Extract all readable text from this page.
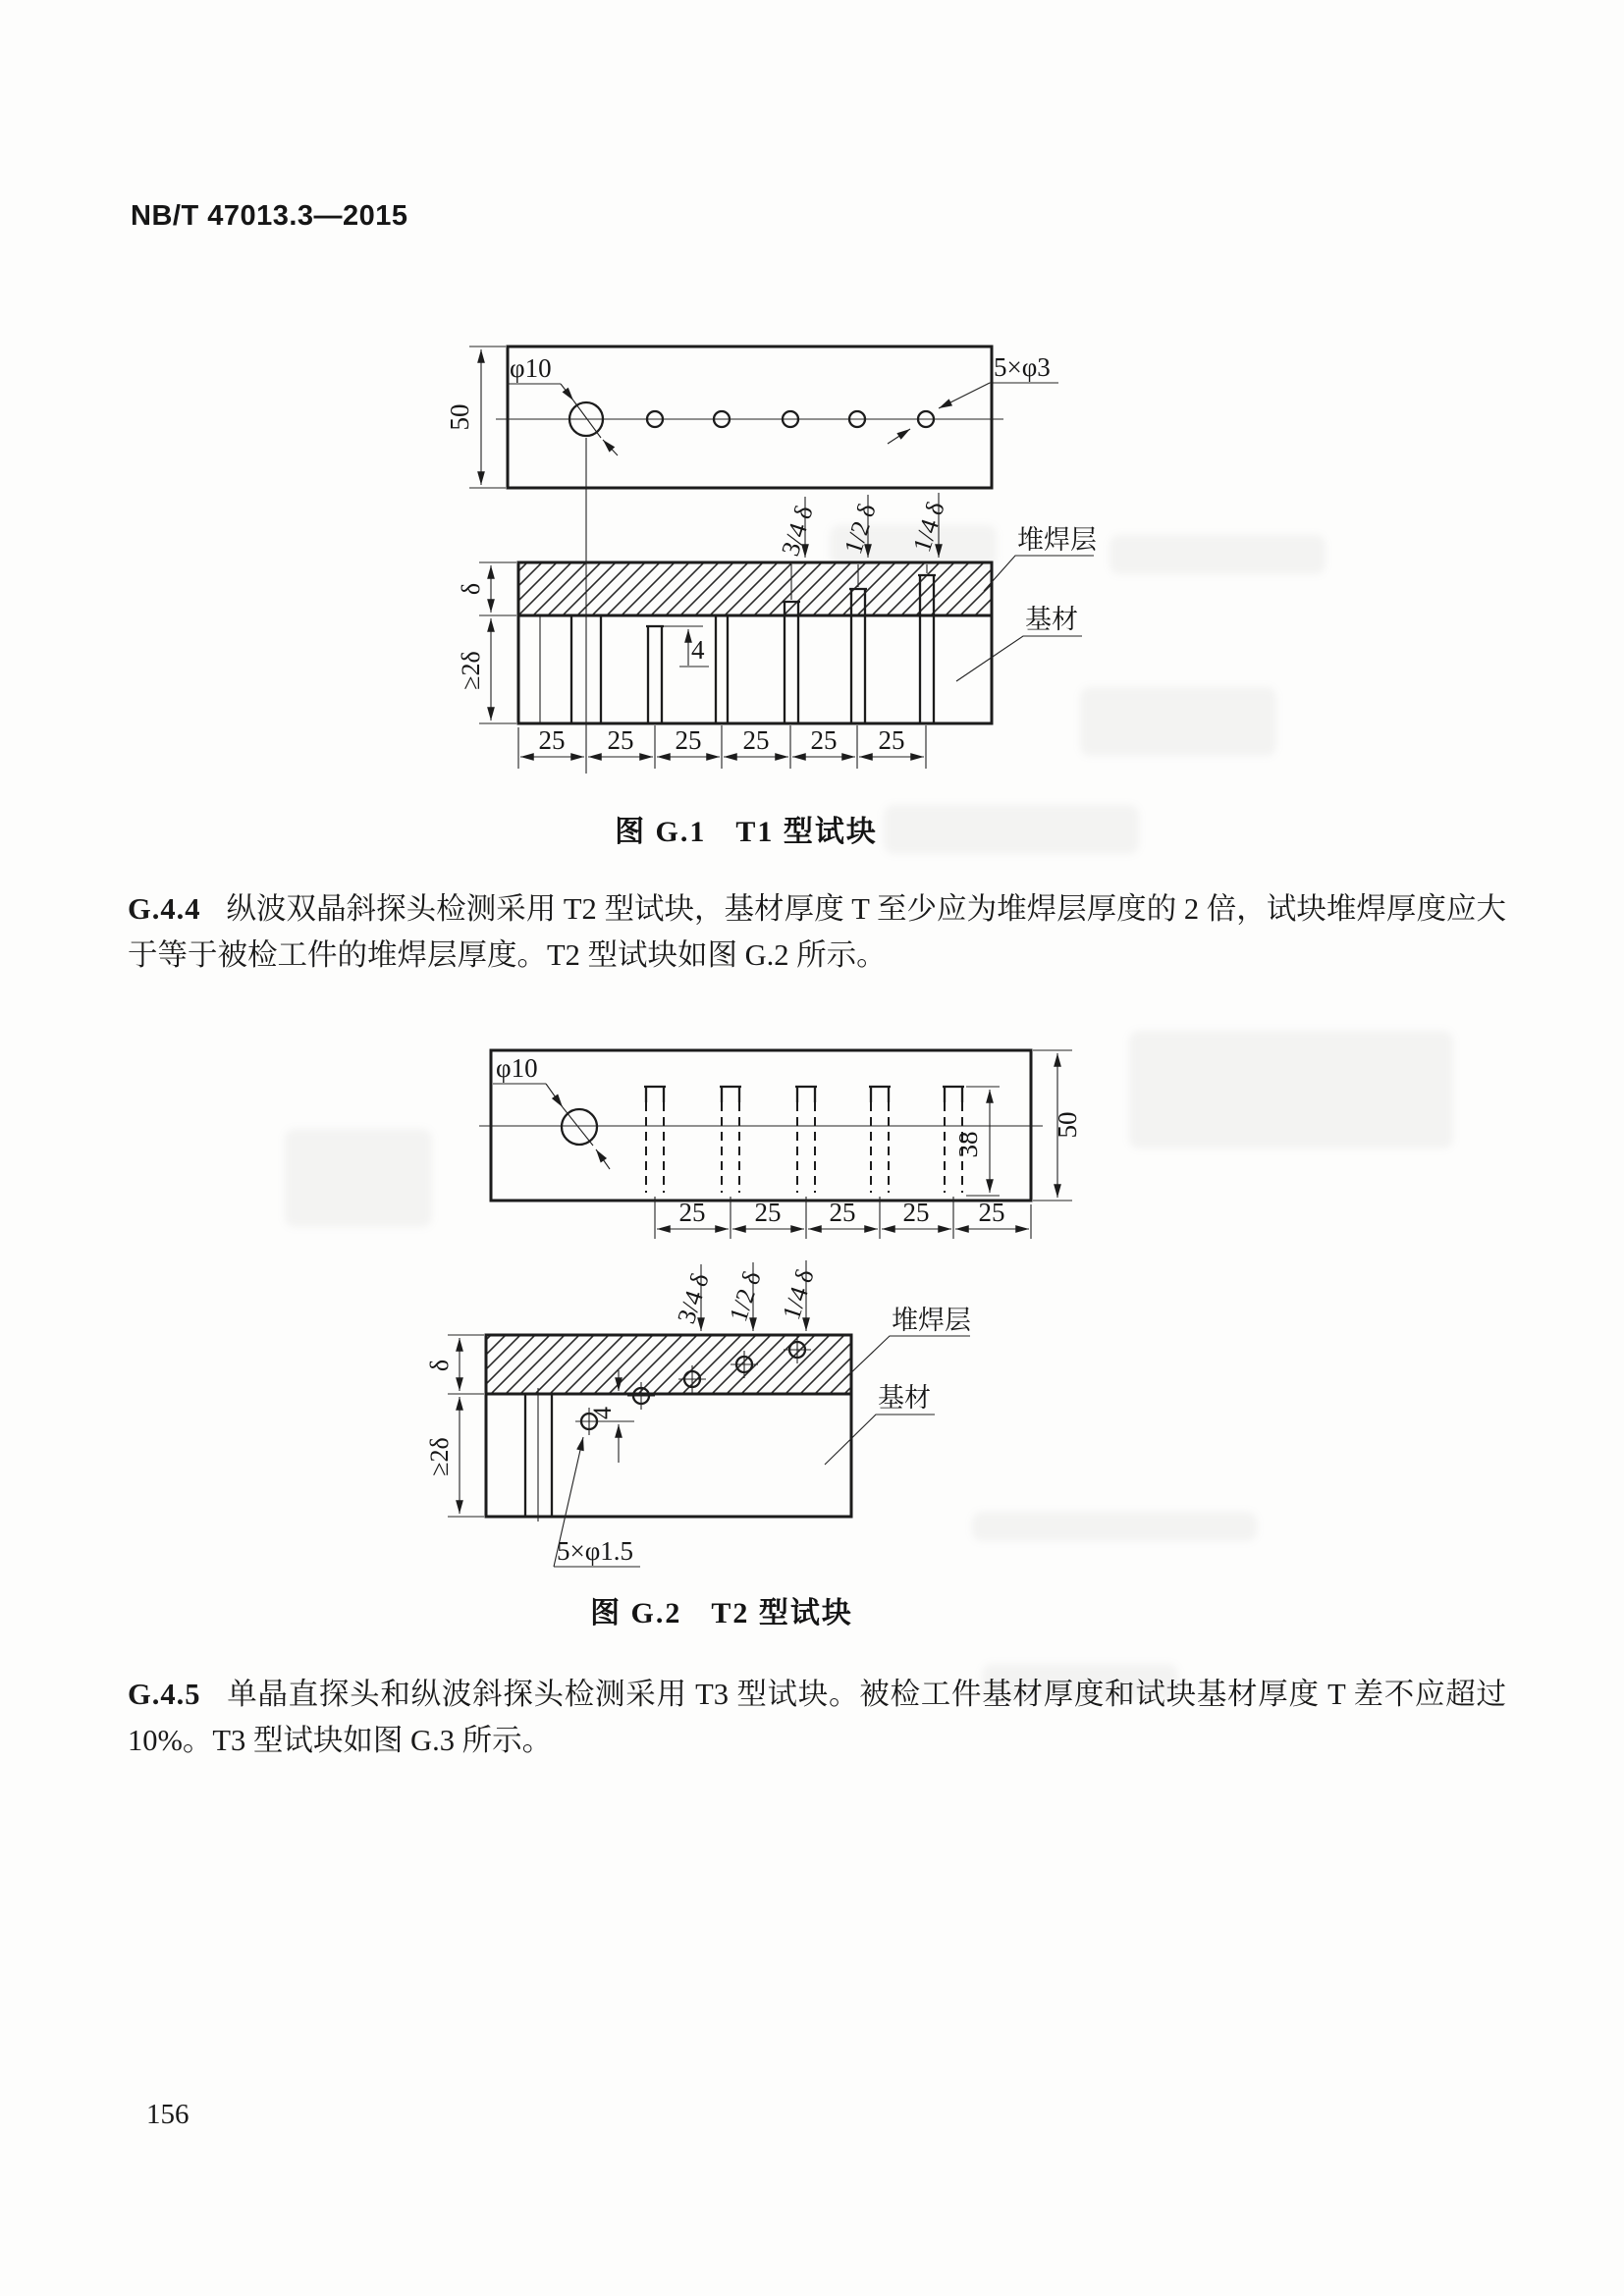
NB/T 47013.3—2015
φ10	5×φ3
50
4
3/4 δ 1/2 δ 1/4 δ
δ
≥2δ
25 25 25 25 25 25
堆焊层
基材
φ10
38
50
25 25 25 25 25
3/4 δ 1/2 δ 1/4 δ
4
5×φ1.5
δ
≥2δ
堆焊层
基材
图 G.1 T1 型试块
G.4.4 纵波双晶斜探头检测采用 T2 型试块，基材厚度 T 至少应为堆焊层厚度的 2 倍，试块堆焊厚度应大于等于被检工件的堆焊层厚度。T2 型试块如图 G.2 所示。
图 G.2 T2 型试块
G.4.5 单晶直探头和纵波斜探头检测采用 T3 型试块。被检工件基材厚度和试块基材厚度 T 差不应超过 10%。T3 型试块如图 G.3 所示。
156
